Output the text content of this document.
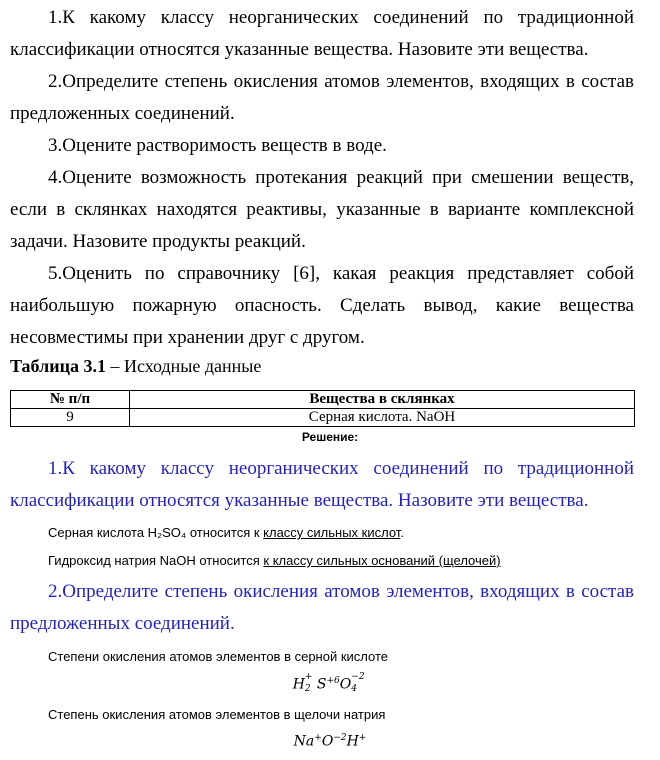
1.К какому классу неорганических соединений по традиционной классификации относятся указанные вещества. Назовите эти вещества.
2.Определите степень окисления атомов элементов, входящих в состав предложенных соединений.
3.Оцените растворимость веществ в воде.
4.Оцените возможность протекания реакций при смешении веществ, если в склянках находятся реактивы, указанные в варианте комплексной задачи. Назовите продукты реакций.
5.Оценить по справочнику [6], какая реакция представляет собой наибольшую пожарную опасность. Сделать вывод, какие вещества несовместимы при хранении друг с другом.
Таблица 3.1 – Исходные данные
№ п/п	Вещества в склянках
9	Серная кислота. NaOH
Решение:
1.К какому классу неорганических соединений по традиционной классификации относятся указанные вещества. Назовите эти вещества.
Серная кислота H₂SO₄ относится к классу сильных кислот.
Гидроксид натрия NaOH относится к классу сильных оснований (щелочей)
2.Определите степень окисления атомов элементов, входящих в состав предложенных соединений.
Степени окисления атомов элементов в серной кислоте
H +
2 $S^{+6}O -2$
4
Степень окисления атомов элементов в щелочи натрия
$Na^+O^{-2}H^+$
